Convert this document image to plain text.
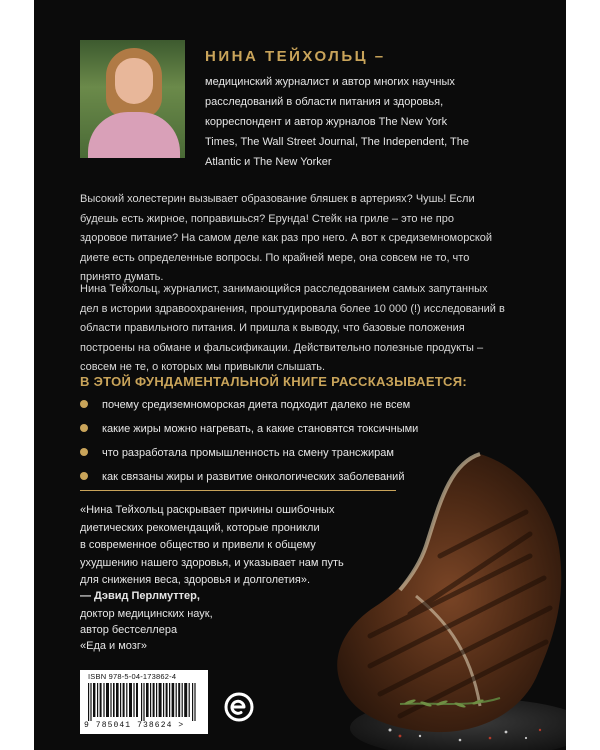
НИНА ТЕЙХОЛЬЦ –
медицинский журналист и автор многих научных
расследований в области питания и здоровья,
корреспондент и автор журналов The New York
Times, The Wall Street Journal, The Independent, The
Atlantic и The New Yorker
Высокий холестерин вызывает образование бляшек в артериях? Чушь! Если
будешь есть жирное, поправишься? Ерунда! Стейк на гриле – это не про
здоровое питание? На самом деле как раз про него. А вот к средиземноморской
диете есть определенные вопросы. По крайней мере, она совсем не то, что
принято думать.
Нина Тейхольц, журналист, занимающийся расследованием самых запутанных
дел в истории здравоохранения, проштудировала более 10 000 (!) исследований в
области правильного питания. И пришла к выводу, что базовые положения
построены на обмане и фальсификации. Действительно полезные продукты –
совсем не те, о которых мы привыкли слышать.
В ЭТОЙ ФУНДАМЕНТАЛЬНОЙ КНИГЕ РАССКАЗЫВАЕТСЯ:
почему средиземноморская диета подходит далеко не всем
какие жиры можно нагревать, а какие становятся токсичными
что разработала промышленность на смену трансжирам
как связаны жиры и развитие онкологических заболеваний
«Нина Тейхольц раскрывает причины ошибочных
диетических рекомендаций, которые проникли
в современное общество и привели к общему
ухудшению нашего здоровья, и указывает нам путь
для снижения веса, здоровья и долголетия».
— Дэвид Перлмуттер,
доктор медицинских наук,
автор бестселлера
«Еда и мозг»
ISBN 978-5-04-173862-4
9 785041 738624 >
